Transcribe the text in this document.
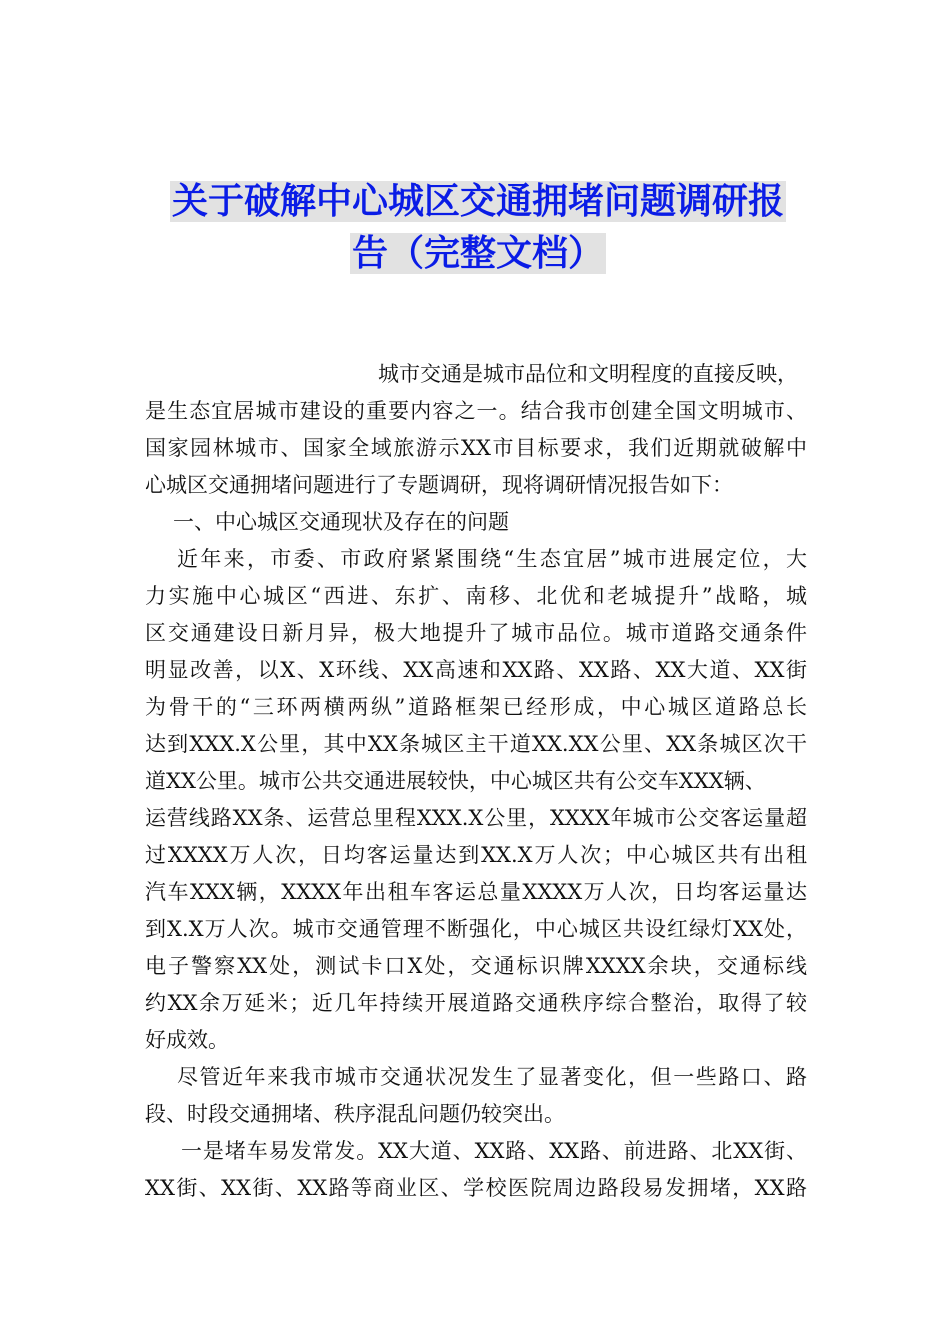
关于破解中心城区交通拥堵问题调研报
告（完整文档）
城市交通是城市品位和文明程度的直接反映，
是生态宜居城市建设的重要内容之一。结合我市创建全国文明城市、
国家园林城市、国家全域旅游示XX市目标要求，我们近期就破解中
心城区交通拥堵问题进行了专题调研，现将调研情况报告如下：
一、中心城区交通现状及存在的问题
近年来，市委、市政府紧紧围绕“生态宜居”城市进展定位，大
力实施中心城区“西进、东扩、南移、北优和老城提升”战略，城
区交通建设日新月异，极大地提升了城市品位。城市道路交通条件
明显改善，以X、X环线、XX高速和XX路、XX路、XX大道、XX街
为骨干的“三环两横两纵”道路框架已经形成，中心城区道路总长
达到XXX.X公里，其中XX条城区主干道XX.XX公里、XX条城区次干
道XX公里。城市公共交通进展较快，中心城区共有公交车XXX辆、
运营线路XX条、运营总里程XXX.X公里，XXXX年城市公交客运量超
过XXXX万人次，日均客运量达到XX.X万人次；中心城区共有出租
汽车XXX辆，XXXX年出租车客运总量XXXX万人次，日均客运量达
到X.X万人次。城市交通管理不断强化，中心城区共设红绿灯XX处，
电子警察XX处，测试卡口X处，交通标识牌XXXX余块，交通标线
约XX余万延米；近几年持续开展道路交通秩序综合整治，取得了较
好成效。
尽管近年来我市城市交通状况发生了显著变化，但一些路口、路
段、时段交通拥堵、秩序混乱问题仍较突出。
一是堵车易发常发。XX大道、XX路、XX路、前进路、北XX街、
XX街、XX街、XX路等商业区、学校医院周边路段易发拥堵，XX路
